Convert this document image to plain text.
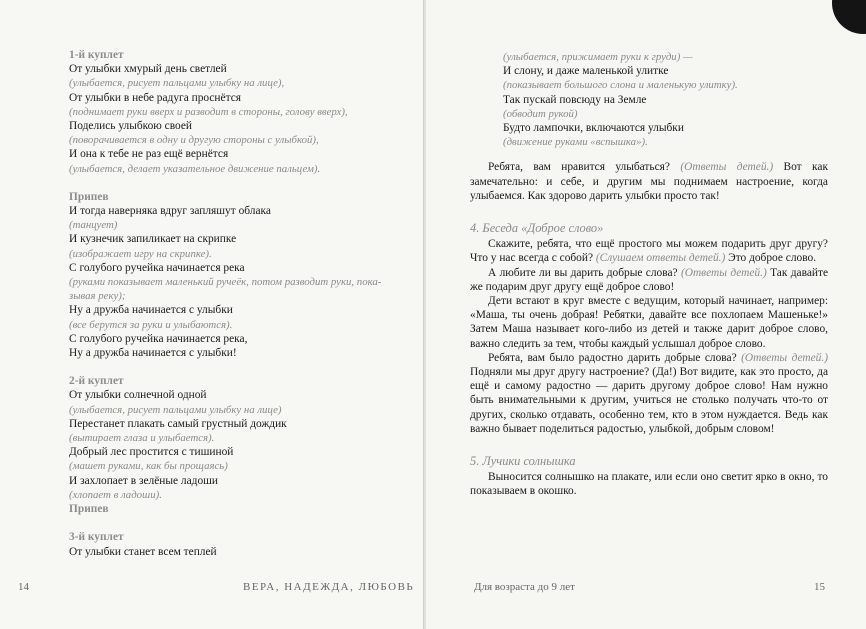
1-й куплет
От улыбки хмурый день светлей
(улыбается, рисует пальцами улыбку на лице),
От улыбки в небе радуга проснётся
(поднимает руки вверх и разводит в стороны, голову вверх),
Поделись улыбкою своей
(поворачивается в одну и другую стороны с улыбкой),
И она к тебе не раз ещё вернётся
(улыбается, делает указательное движение пальцем).
Припев
И тогда наверняка вдруг запляшут облака
(танцует)
И кузнечик запиликает на скрипке
(изображает игру на скрипке).
С голубого ручейка начинается река
(руками показывает маленький ручеёк, потом разводит руки, пока-
зывая реку);
Ну а дружба начинается с улыбки
(все берутся за руки и улыбаются).
С голубого ручейка начинается река,
Ну а дружба начинается с улыбки!
2-й куплет
От улыбки солнечной одной
(улыбается, рисует пальцами улыбку на лице)
Перестанет плакать самый грустный дождик
(вытирает глаза и улыбается).
Добрый лес простится с тишиной
(машет руками, как бы прощаясь)
И захлопает в зелёные ладоши
(хлопает в ладоши).
Припев
3-й куплет
От улыбки станет всем теплей
14	ВЕРА, НАДЕЖДА, ЛЮБОВЬ
(улыбается, прижимает руки к груди) —
И слону, и даже маленькой улитке
(показывает большого слона и маленькую улитку).
Так пускай повсюду на Земле
(обводит рукой)
Будто лампочки, включаются улыбки
(движение руками «вспышка»).
Ребята, вам нравится улыбаться? (Ответы детей.) Вот как замечательно: и себе, и другим мы поднимаем настроение, когда улыбаемся. Как здорово дарить улыбки просто так!
4. Беседа «Доброе слово»
Скажите, ребята, что ещё простого мы можем подарить друг другу? Что у нас всегда с собой? (Слушаем ответы детей.) Это доброе слово.
А любите ли вы дарить добрые слова? (Ответы детей.) Так давайте же подарим друг другу ещё доброе слово!
Дети встают в круг вместе с ведущим, который начинает, например: «Маша, ты очень добрая! Ребятки, давайте все похлопаем Машеньке!» Затем Маша называет кого-либо из детей и также дарит доброе слово, важно следить за тем, чтобы каждый услышал доброе слово.
Ребята, вам было радостно дарить добрые слова? (Ответы детей.) Подняли мы друг другу настроение? (Да!) Вот видите, как это просто, да ещё и самому радостно — дарить другому доброе слово! Нам нужно быть внимательными к другим, учиться не столько получать что-то от других, сколько отдавать, особенно тем, кто в этом нуждается. Ведь как важно бывает поделиться радостью, улыбкой, добрым словом!
5. Лучики солнышка
Выносится солнышко на плакате, или если оно светит ярко в окно, то показываем в окошко.
Для возраста до 9 лет	15
